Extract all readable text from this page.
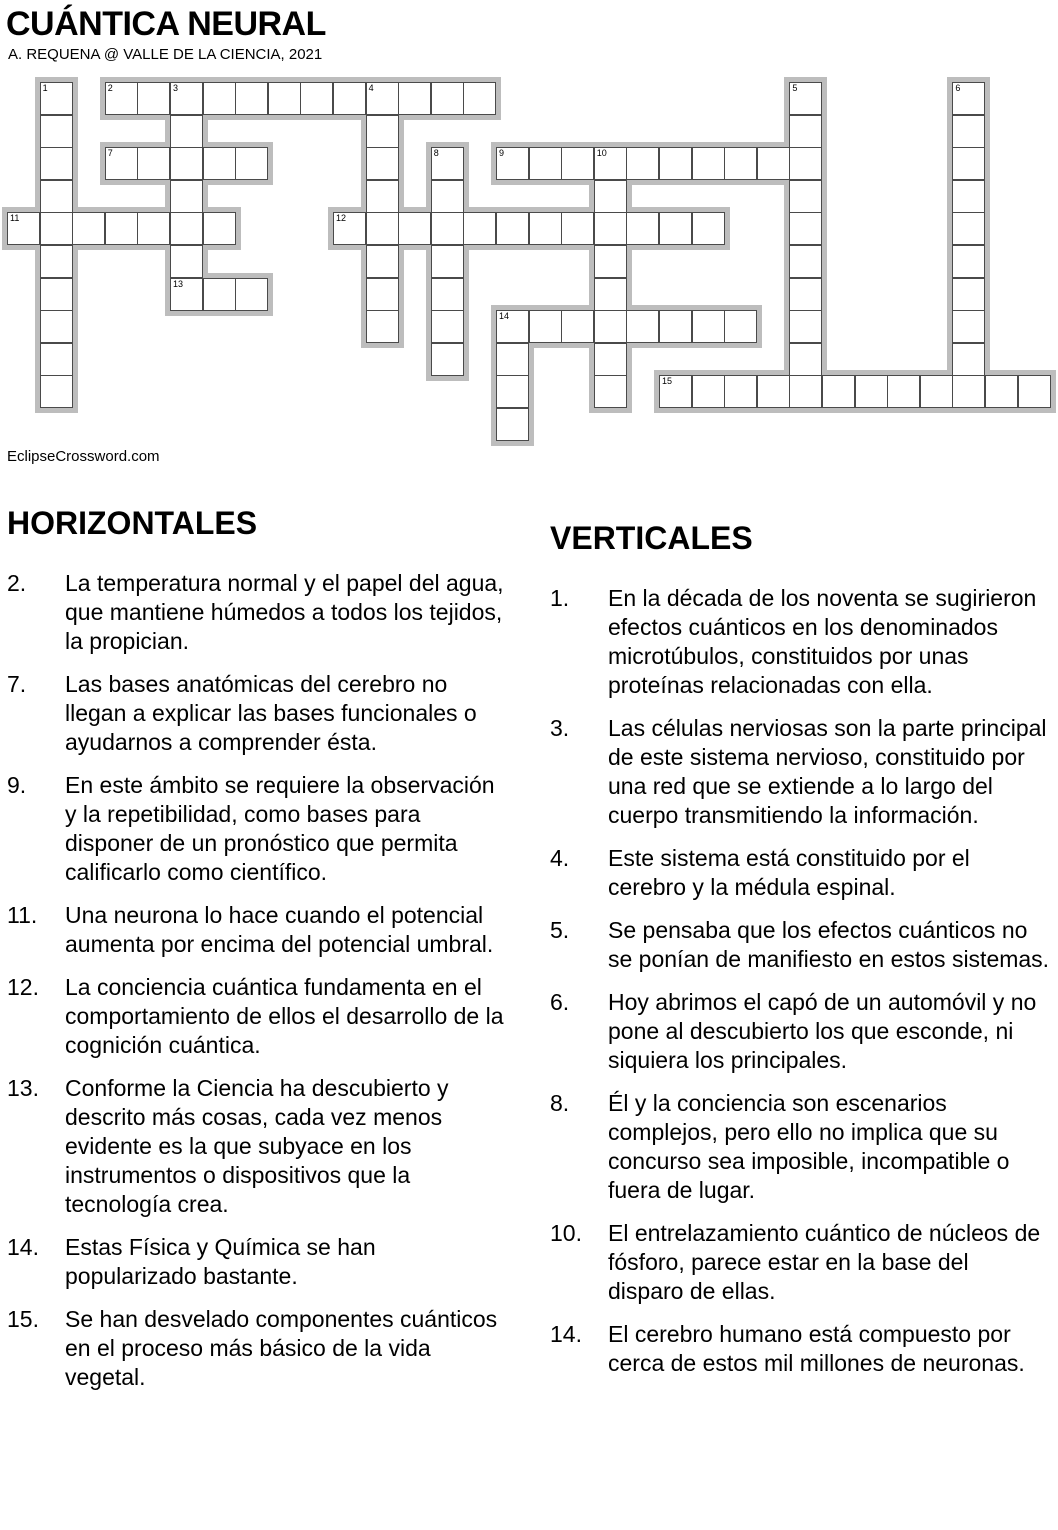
CUÁNTICA NEURAL
A. REQUENA @ VALLE DE LA CIENCIA, 2021
1	2	3	4
13
5	6
7	8	9	10
11	12
14
15
EclipseCrossword.com
HORIZONTALES
2. La temperatura normal y el papel del agua, que mantiene húmedos a todos los tejidos, la propician.
7. Las bases anatómicas del cerebro no llegan a explicar las bases funcionales o ayudarnos a comprender ésta.
9. En este ámbito se requiere la observación y la repetibilidad, como bases para disponer de un pronóstico que permita calificarlo como científico.
11. Una neurona lo hace cuando el potencial aumenta por encima del potencial umbral.
12. La conciencia cuántica fundamenta en el comportamiento de ellos el desarrollo de la cognición cuántica.
13. Conforme la Ciencia ha descubierto y descrito más cosas, cada vez menos evidente es la que subyace en los instrumentos o dispositivos que la tecnología crea.
14. Estas Física y Química se han popularizado bastante.
15. Se han desvelado componentes cuánticos en el proceso más básico de la vida vegetal.
VERTICALES
1. En la década de los noventa se sugirieron efectos cuánticos en los denominados microtúbulos, constituidos por unas proteínas relacionadas con ella.
3. Las células nerviosas son la parte principal de este sistema nervioso, constituido por una red que se extiende a lo largo del cuerpo transmitiendo la información.
4. Este sistema está constituido por el cerebro y la médula espinal.
5. Se pensaba que los efectos cuánticos no se ponían de manifiesto en estos sistemas.
6. Hoy abrimos el capó de un automóvil y no pone al descubierto los que esconde, ni siquiera los principales.
8. Él y la conciencia son escenarios complejos, pero ello no implica que su concurso sea imposible, incompatible o fuera de lugar.
10. El entrelazamiento cuántico de núcleos de fósforo, parece estar en la base del disparo de ellas.
14. El cerebro humano está compuesto por cerca de estos mil millones de neuronas.
